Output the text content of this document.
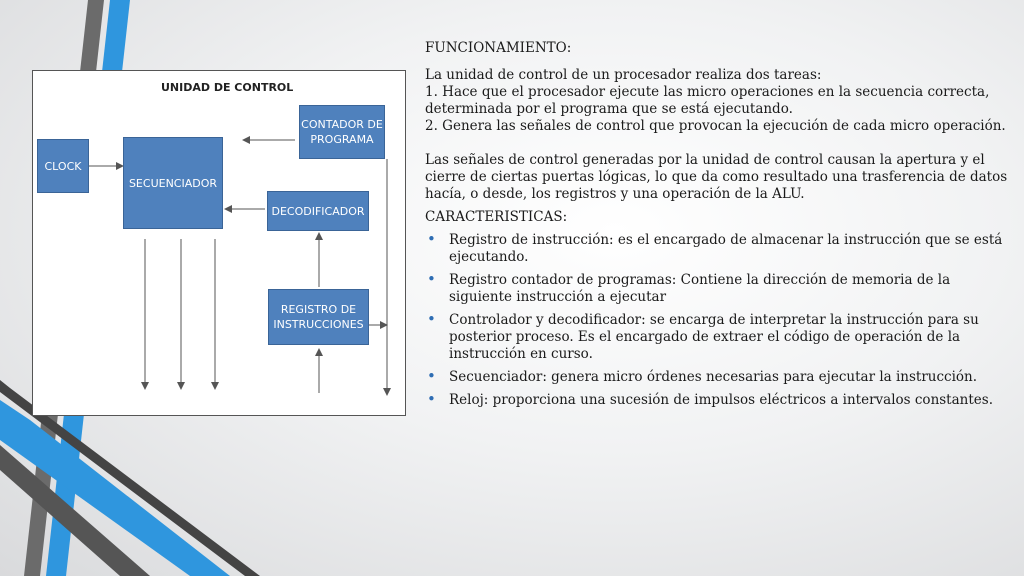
UNIDAD DE CONTROL
CLOCK
SECUENCIADOR
CONTADOR DE
PROGRAMA
DECODIFICADOR
REGISTRO DE
INSTRUCCIONES

FUNCIONAMIENTO:

La unidad de control de un procesador realiza dos tareas:

1. Hace que el procesador ejecute las micro operaciones en la secuencia correcta, determinada por el programa que se está ejecutando.

2. Genera las señales de control que provocan la ejecución de cada micro operación.

Las señales de control generadas por la unidad de control causan la apertura y el cierre de ciertas puertas lógicas, lo que da como resultado una trasferencia de datos hacía, o desde, los registros y una operación de la ALU.

CARACTERISTICAS:

• Registro de instrucción: es el encargado de almacenar la instrucción que se está ejecutando.
• Registro contador de programas: Contiene la dirección de memoria de la siguiente instrucción a ejecutar
• Controlador y decodificador: se encarga de interpretar la instrucción para su posterior proceso. Es el encargado de extraer el código de operación de la instrucción en curso.
• Secuenciador: genera micro órdenes necesarias para ejecutar la instrucción.
• Reloj: proporciona una sucesión de impulsos eléctricos a intervalos constantes.
